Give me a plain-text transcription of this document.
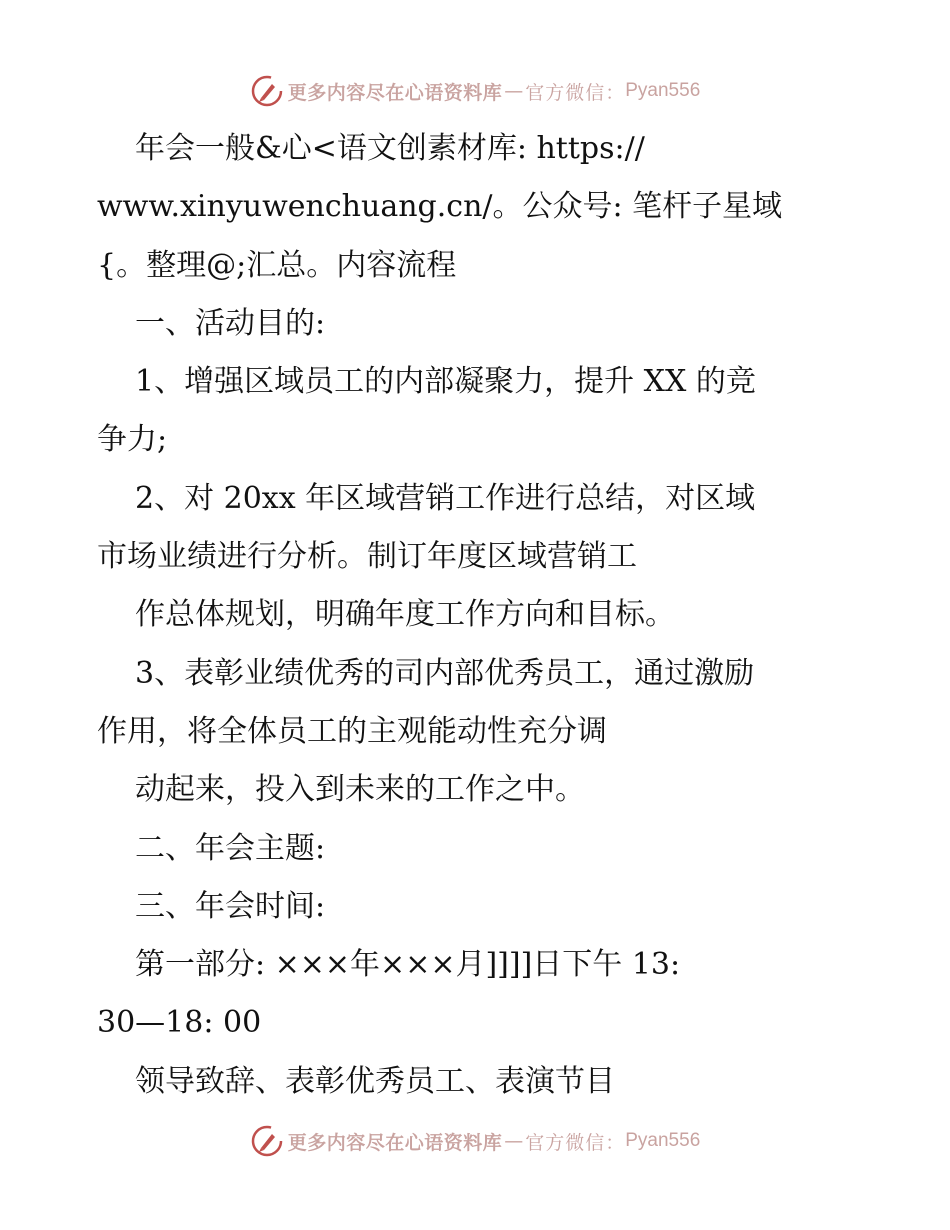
更多内容尽在心语资料库 — 官方微信： Pyan556
年会一般&心<语文创素材库: https://
www.xinyuwenchuang.cn/。公众号: 笔杆子星域
{。整理@;汇总。内容流程
一、活动目的:
1、增强区域员工的内部凝聚力，提升 XX 的竞
争力;
2、对 20xx 年区域营销工作进行总结，对区域
市场业绩进行分析。制订年度区域营销工
作总体规划，明确年度工作方向和目标。
3、表彰业绩优秀的司内部优秀员工，通过激励
作用，将全体员工的主观能动性充分调
动起来，投入到未来的工作之中。
二、年会主题:
三、年会时间:
第一部分: ×××年×××月]]]]日下午 13:
30—18: 00
领导致辞、表彰优秀员工、表演节目
更多内容尽在心语资料库 — 官方微信： Pyan556
